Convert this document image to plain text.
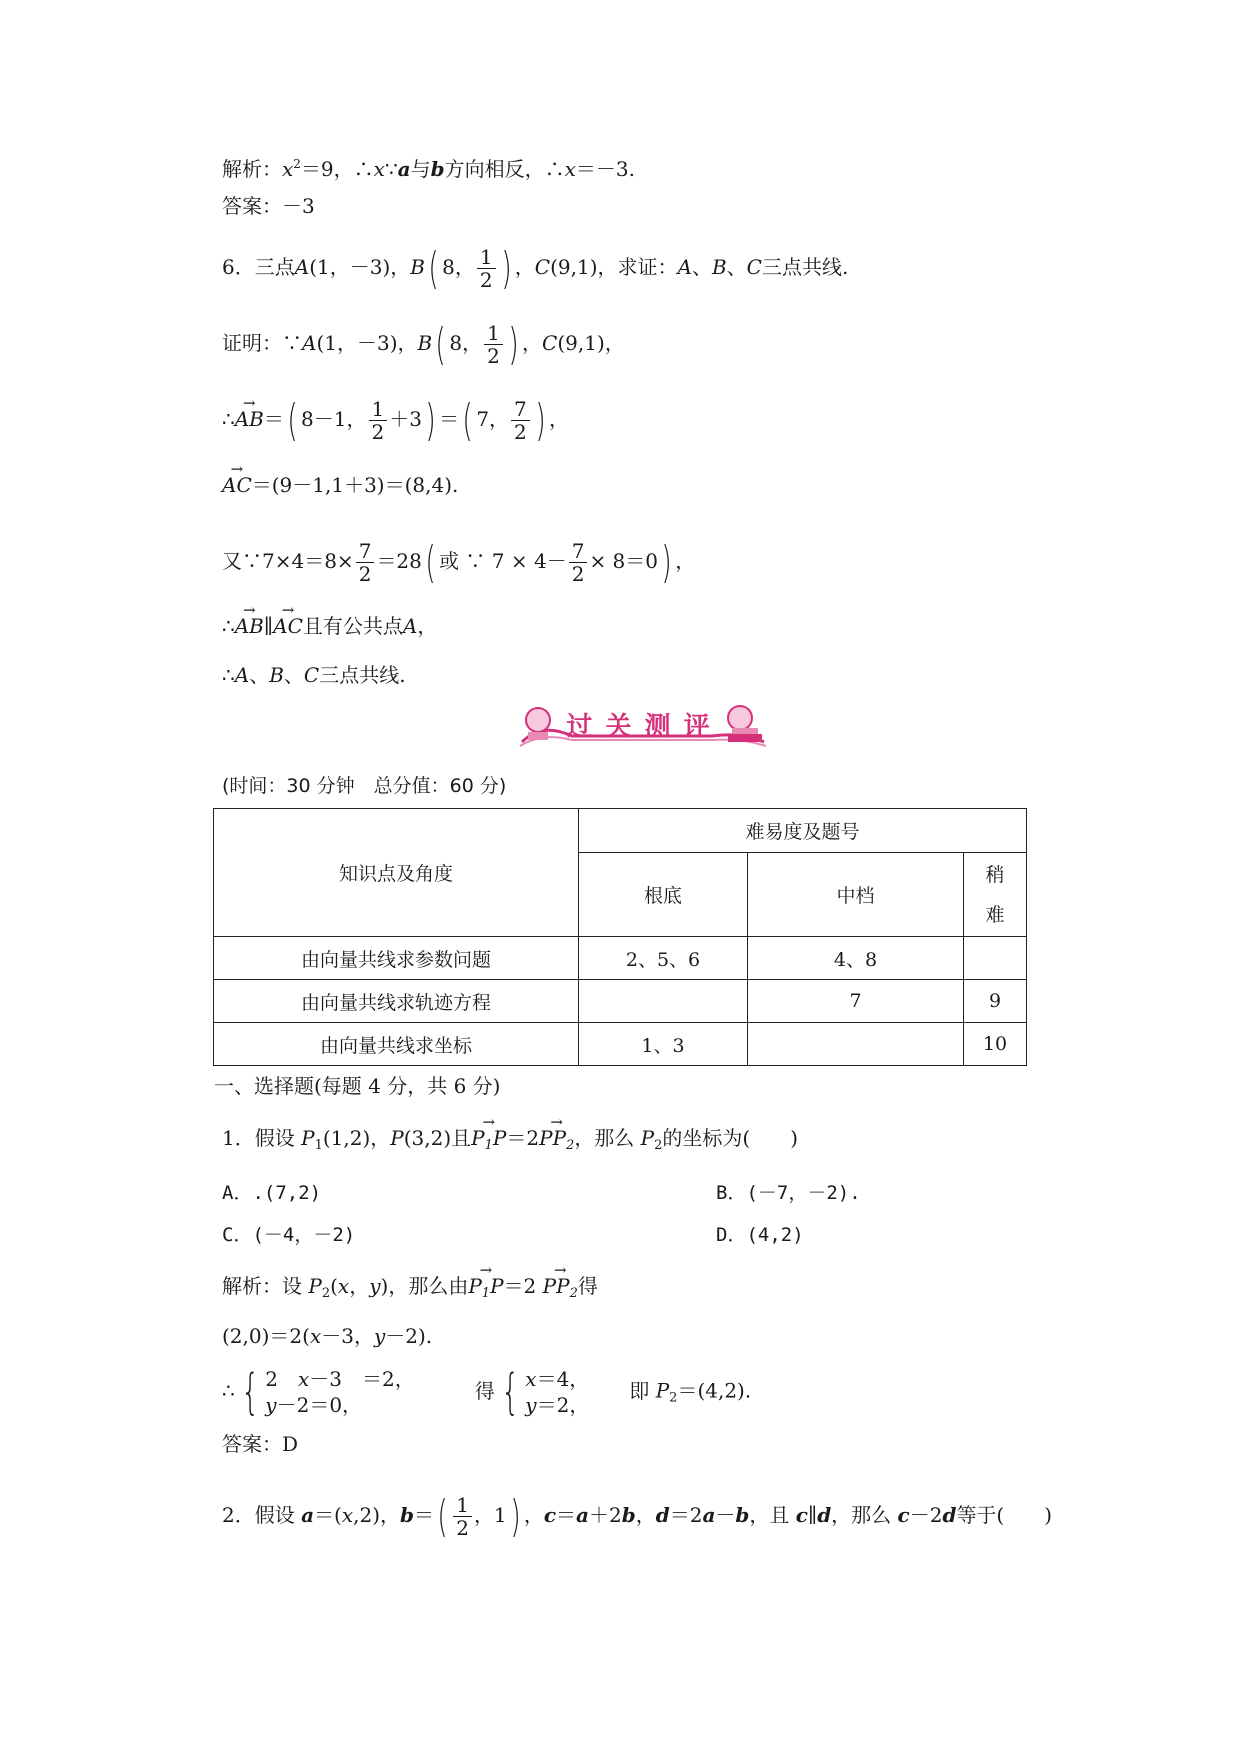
解析：$x^2=9$，∴x∵a与b方向相反，∴x＝－3.
答案：－3
6．三点A(1，－3)，B( 8， $\frac{1}{2}$ ) ，C(9,1)，求证：A、B、C三点共线.
证明：∵A(1，－3)，B( 8， $\frac{1}{2}$ ) ，C(9,1)，
∴→ AB＝( 8－1， $\frac{1}{2} +3$) ＝( 7， $\frac{7}{2}$ ) ，
→ AC＝(9－1,1＋3)＝(8,4).
又∵7×4＝8× $\frac{7}{2} =28$( 或 ∵ $7 \times 4- \frac{7}{2} \times 8=0$) ，
∴→ AB∥→ AC且有公共点A，
∴A、B、C三点共线.
过 关 测 评
(时间：30 分钟　总分值：60 分)
知识点及角度	难易度及题号		
	根底	中档	稍
难
由向量共线求参数问题	2、5、6	4、8	
由向量共线求轨迹方程		7	9
由向量共线求坐标	1、3		10
一、选择题(每题 4 分，共 6 分)
1．假设 $P_1(1,2)$，P(3,2)且→ $P_1P=2\to PP_2$，那么 $P_2$的坐标为(　　)
A．.(7,2)	B．(－7，－2).
C．(－4，－2)	D．(4,2)
解析：设 $P_2(x$，y)，那么由→ $P_1P=2 \to PP_2$得
(2,0)＝2(x－3，y－2).
∴ { 2　x－3　＝2，
y－2＝0，得 { x＝4，
y＝2，即 $P_2=(4,2)$.
答案：D
2．假设 a＝(x,2)，$b=( \frac{1}{2}$ ，1) ，c＝a＋2b，d＝2a－b，且 c∥d，那么 c－2d等于(　　)
